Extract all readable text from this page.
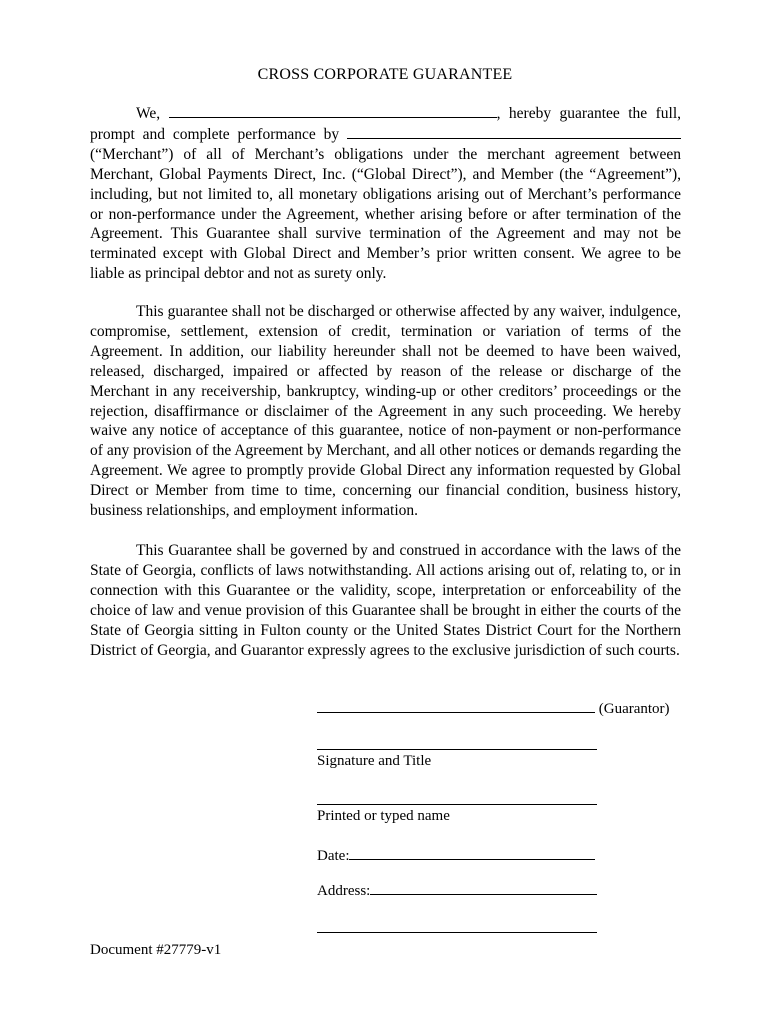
CROSS CORPORATE GUARANTEE

We,	, hereby guarantee the full, prompt and complete performance by  (“Merchant”) of all of Merchant’s obligations under the merchant agreement between Merchant, Global Payments Direct, Inc. (“Global Direct”), and Member (the “Agreement”), including, but not limited to, all monetary obligations arising out of Merchant’s performance or non-performance under the Agreement, whether arising before or after termination of the Agreement. This Guarantee shall survive termination of the Agreement and may not be terminated except with Global Direct and Member’s prior written consent. We agree to be liable as principal debtor and not as surety only.

This guarantee shall not be discharged or otherwise affected by any waiver, indulgence, compromise, settlement, extension of credit, termination or variation of terms of the Agreement. In addition, our liability hereunder shall not be deemed to have been waived, released, discharged, impaired or affected by reason of the release or discharge of the Merchant in any receivership, bankruptcy, winding-up or other creditors’ proceedings or the rejection, disaffirmance or disclaimer of the Agreement in any such proceeding. We hereby waive any notice of acceptance of this guarantee, notice of non-payment or non-performance of any provision of the Agreement by Merchant, and all other notices or demands regarding the Agreement. We agree to promptly provide Global Direct any information requested by Global Direct or Member from time to time, concerning our financial condition, business history, business relationships, and employment information.

This Guarantee shall be governed by and construed in accordance with the laws of the State of Georgia, conflicts of laws notwithstanding. All actions arising out of, relating to, or in connection with this Guarantee or the validity, scope, interpretation or enforceability of the choice of law and venue provision of this Guarantee shall be brought in either the courts of the State of Georgia sitting in Fulton county or the United States District Court for the Northern District of Georgia, and Guarantor expressly agrees to the exclusive jurisdiction of such courts.

(Guarantor)
Signature and Title
Printed or typed name
Date:
Address:
Document #27779-v1
